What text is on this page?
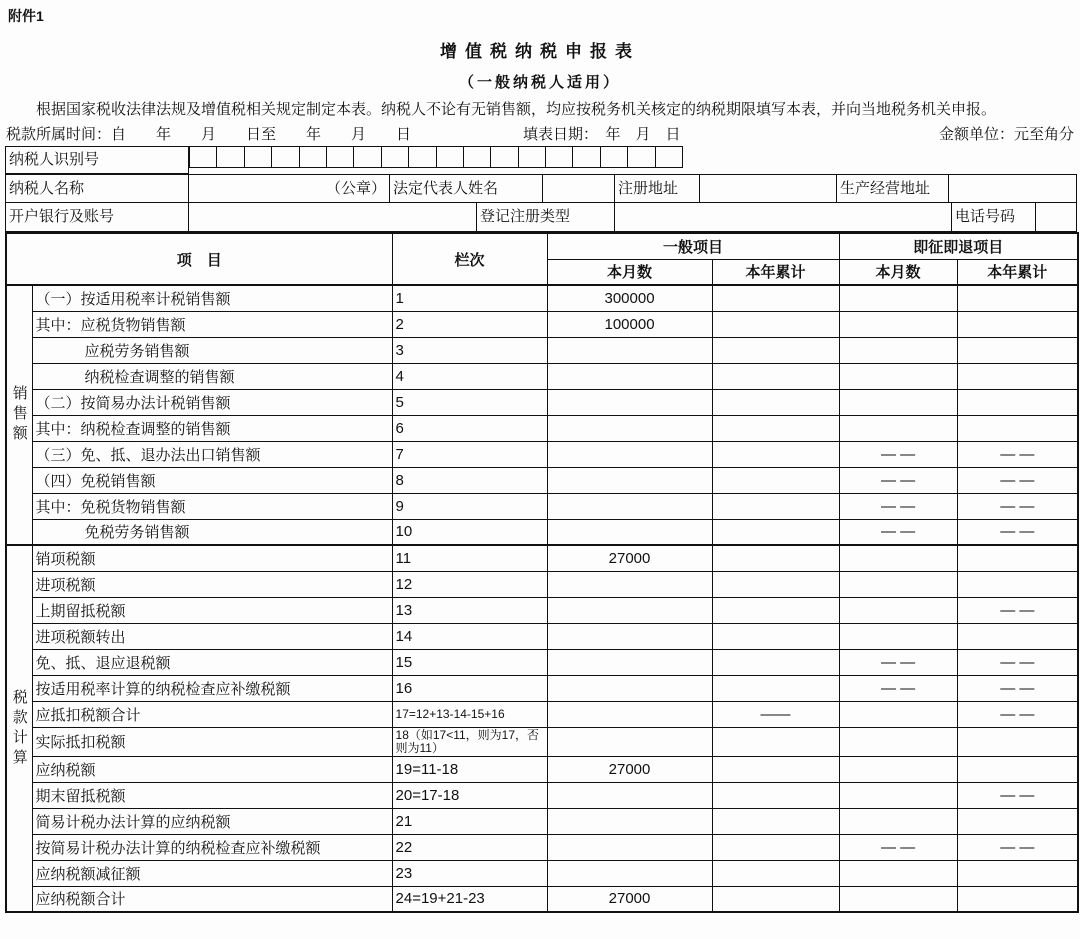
附件1
增值税纳税申报表
（一般纳税人适用）
根据国家税收法律法规及增值税相关规定制定本表。纳税人不论有无销售额，均应按税务机关核定的纳税期限填写本表，并向当地税务机关申报。
税款所属时间：自　　年　　月　　日至　　年　　月　　日	填表日期：　年　月　日	金额单位：元至角分
纳税人识别号
纳税人名称	（公章） 法定代表人姓名	注册地址	生产经营地址
开户银行及账号	登记注册类型	电话号码
项　目		栏次	一般项目		即征即退项目	
			本月数	本年累计	本月数	本年累计
销售额	（一）按适用税率计税销售额	1	300000			
	其中：应税货物销售额	2	100000			
	应税劳务销售额	3				
	纳税检查调整的销售额	4				
	（二）按简易办法计税销售额	5				
	其中：纳税检查调整的销售额	6				
	（三）免、抵、退办法出口销售额	7			— —	— —
	（四）免税销售额	8			— —	— —
	其中：免税货物销售额	9			— —	— —
	免税劳务销售额	10			— —	— —
税款计算	销项税额	11	27000			
	进项税额	12				
	上期留抵税额	13				— —
	进项税额转出	14				
	免、抵、退应退税额	15			— —	— —
	按适用税率计算的纳税检查应补缴税额	16			— —	— —
	应抵扣税额合计	17=12+13-14-15+16		——		— —
	实际抵扣税额	18（如17<11，则为17，否则为11）				
	应纳税额	19=11-18	27000			
	期末留抵税额	20=17-18				— —
	简易计税办法计算的应纳税额	21				
	按简易计税办法计算的纳税检查应补缴税额	22			— —	— —
	应纳税额减征额	23				
	应纳税额合计	24=19+21-23	27000			
